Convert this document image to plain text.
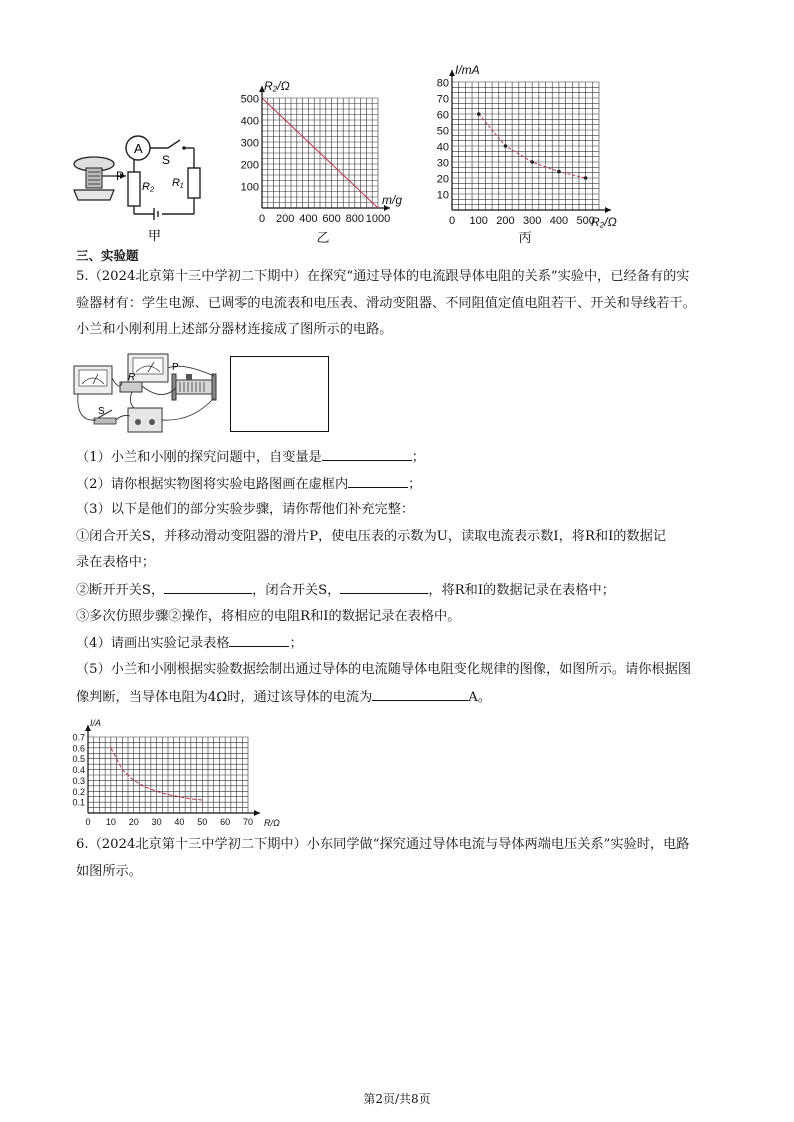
A
S
P
R₂ R₁
甲
0 200 400 600 800 1000
100
200
300
400
500
m/g
R₂/Ω
乙
0 100 200 300 400 500
10
20
30
40
50
60
70
80
R₂/Ω
I/mA
丙
三、实验题
5.（2024北京第十三中学初二下期中）在探究“通过导体的电流跟导体电阻的关系”实验中，已经备有的实
验器材有：学生电源、已调零的电流表和电压表、滑动变阻器、不同阻值定值电阻若干、开关和导线若干。
小兰和小刚利用上述部分器材连接成了图所示的电路。
R
P
S
（1）小兰和小刚的探究问题中，自变量是	；
（2）请你根据实物图将实验电路图画在虚框内	；
（3）以下是他们的部分实验步骤，请你帮他们补充完整：
①闭合开关S，并移动滑动变阻器的滑片P，使电压表的示数为U，读取电流表示数I，将R和I的数据记
录在表格中；
②断开开关S，	，闭合开关S，	，将R和I的数据记录在表格中；
③多次仿照步骤②操作，将相应的电阻R和I的数据记录在表格中。
（4）请画出实验记录表格	；
（5）小兰和小刚根据实验数据绘制出通过导体的电流随导体电阻变化规律的图像，如图所示。请你根据图
像判断，当导体电阻为4Ω时，通过该导体的电流为	A。
0 10 20 30 40 50 60 70
0.1
0.2
0.3
0.4
0.5
0.6
0.7
R/Ω
I/A
6.（2024北京第十三中学初二下期中）小东同学做“探究通过导体电流与导体两端电压关系”实验时，电路
如图所示。
第2页/共8页
